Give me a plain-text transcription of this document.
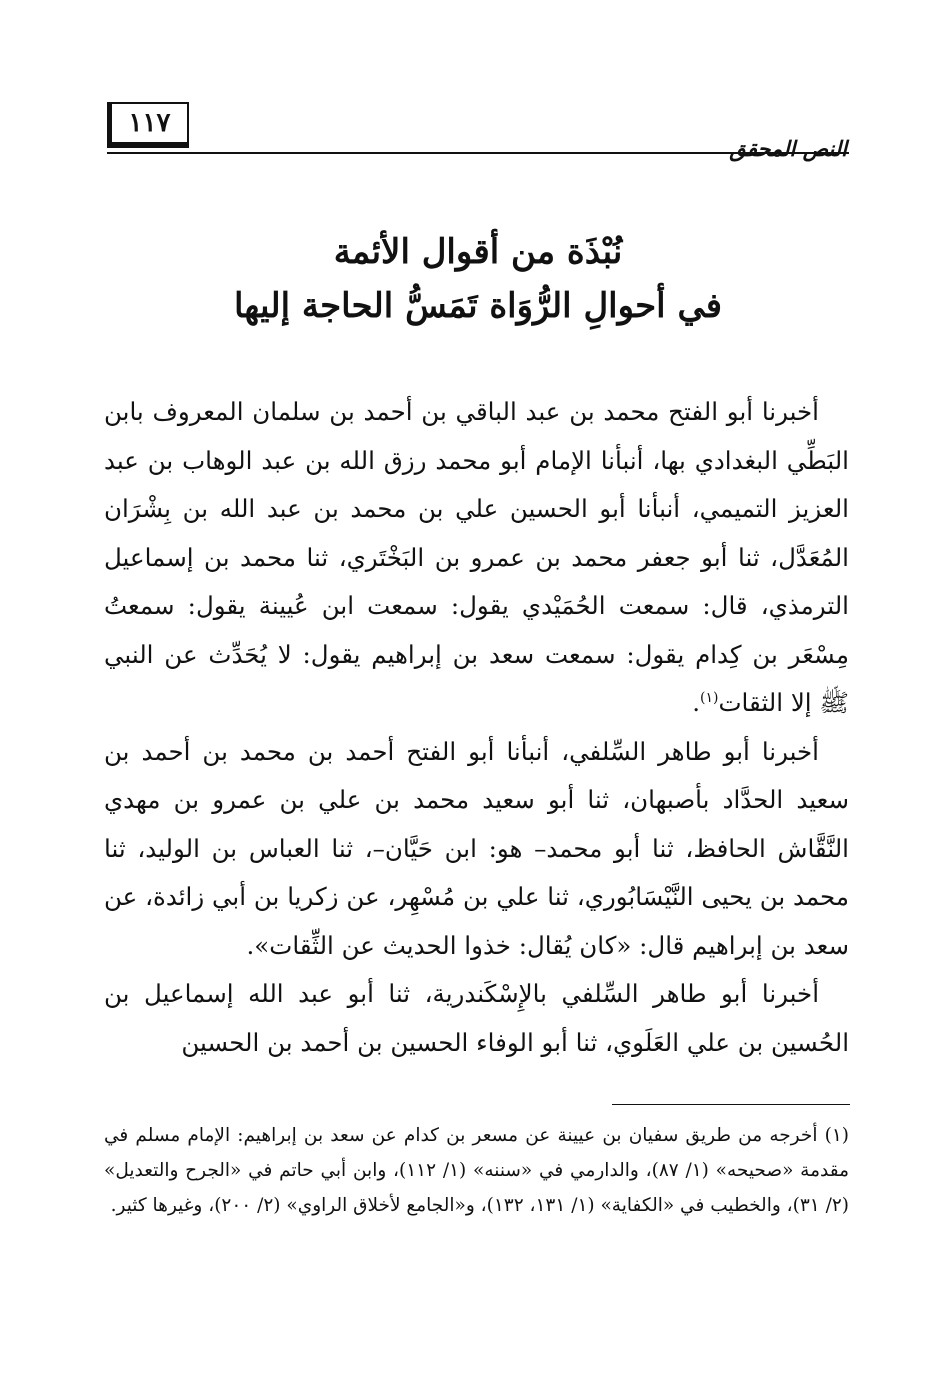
النص المحقق
١١٧
نُبْذَة من أقوال الأئمة
في أحوالِ الرُّوَاة تَمَسُّ الحاجة إليها

أخبرنا أبو الفتح محمد بن عبد الباقي بن أحمد بن سلمان المعروف بابن البَطِّي البغدادي بها، أنبأنا الإمام أبو محمد رزق الله بن عبد الوهاب بن عبد العزيز التميمي، أنبأنا أبو الحسين علي بن محمد بن عبد الله بن بِشْرَان المُعَدَّل، ثنا أبو جعفر محمد بن عمرو بن البَخْتَري، ثنا محمد بن إسماعيل الترمذي، قال: سمعت الحُمَيْدي يقول: سمعت ابن عُيينة يقول: سمعتُ مِسْعَر بن كِدام يقول: سمعت سعد بن إبراهيم يقول: لا يُحَدِّث عن النبي ﷺ إلا الثقات$^{(١)}$.

أخبرنا أبو طاهر السِّلفي، أنبأنا أبو الفتح أحمد بن محمد بن أحمد بن سعيد الحدَّاد بأصبهان، ثنا أبو سعيد محمد بن علي بن عمرو بن مهدي النَّقَّاش الحافظ، ثنا أبو محمد– هو: ابن حَيَّان–، ثنا العباس بن الوليد، ثنا محمد بن يحيى النَّيْسَابُوري، ثنا علي بن مُسْهِر، عن زكريا بن أبي زائدة، عن سعد بن إبراهيم قال: «كان يُقال: خذوا الحديث عن الثِّقات».

أخبرنا أبو طاهر السِّلفي بالإِسْكَندرية، ثنا أبو عبد الله إسماعيل بن الحُسين بن علي العَلَوي، ثنا أبو الوفاء الحسين بن أحمد بن الحسين

(١) أخرجه من طريق سفيان بن عيينة عن مسعر بن كدام عن سعد بن إبراهيم: الإمام مسلم في مقدمة «صحيحه» (١/ ٨٧)، والدارمي في «سننه» (١/ ١١٢)، وابن أبي حاتم في «الجرح والتعديل» (٢/ ٣١)، والخطيب في «الكفاية» (١/ ١٣١، ١٣٢)، و«الجامع لأخلاق الراوي» (٢/ ٢٠٠)، وغيرها كثير.
